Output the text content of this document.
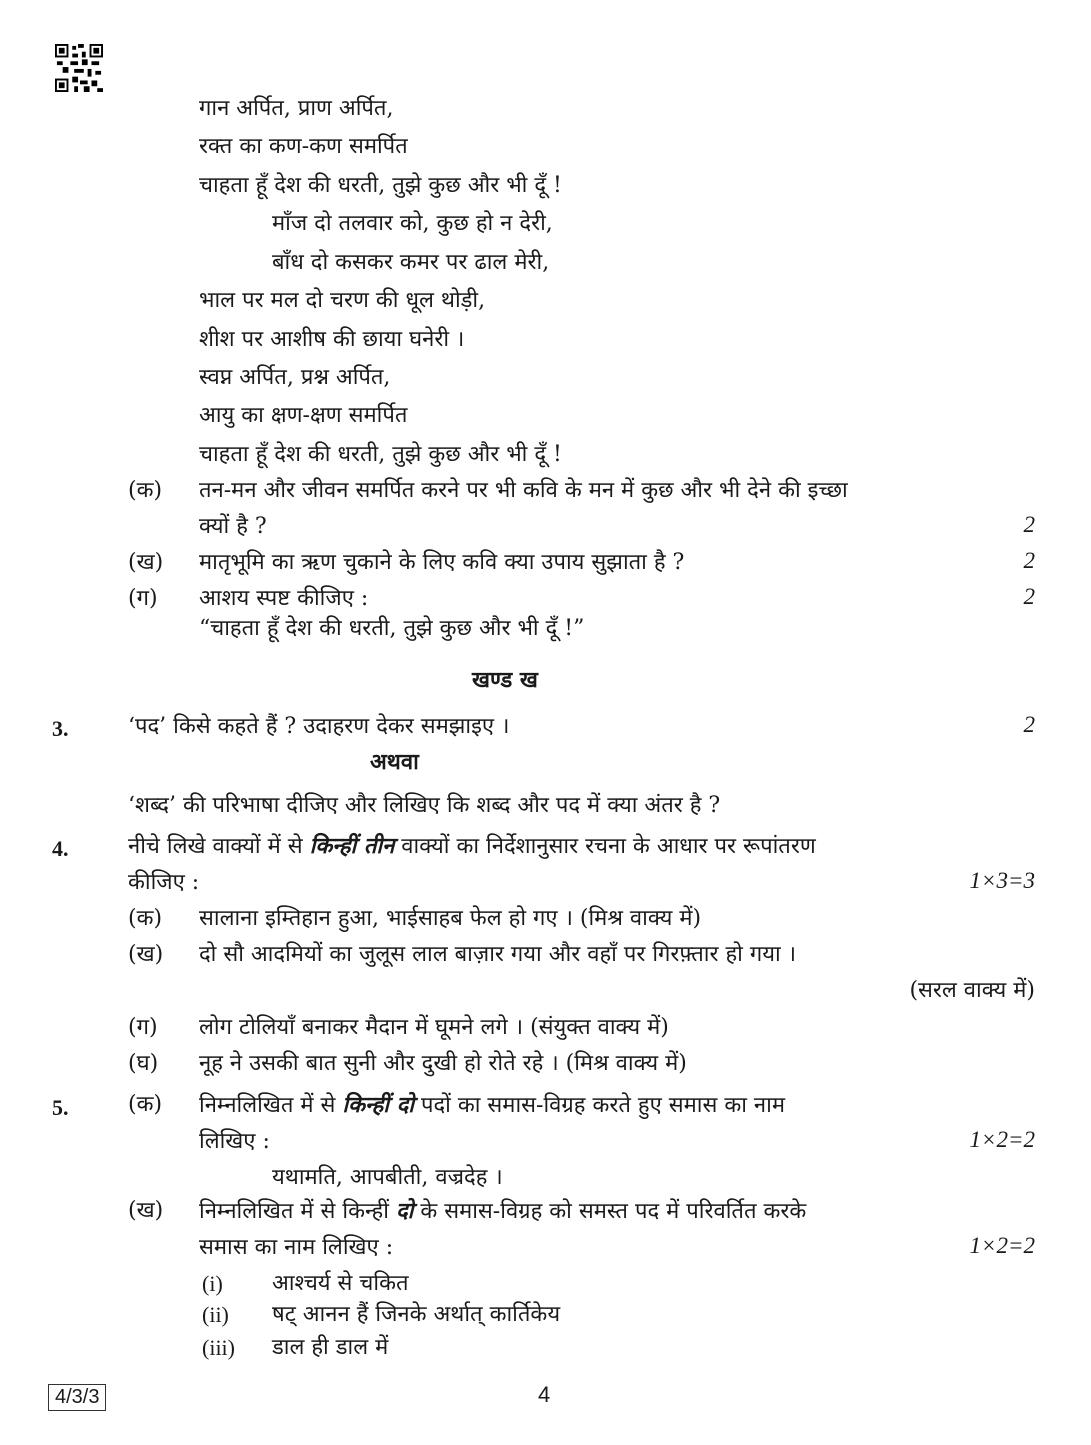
गान अर्पित, प्राण अर्पित,
रक्त का कण-कण समर्पित
चाहता हूँ देश की धरती, तुझे कुछ और भी दूँ !
माँज दो तलवार को, कुछ हो न देरी,
बाँध दो कसकर कमर पर ढाल मेरी,
भाल पर मल दो चरण की धूल थोड़ी,
शीश पर आशीष की छाया घनेरी ।
स्वप्न अर्पित, प्रश्न अर्पित,
आयु का क्षण-क्षण समर्पित
चाहता हूँ देश की धरती, तुझे कुछ और भी दूँ !
(क) तन-मन और जीवन समर्पित करने पर भी कवि के मन में कुछ और भी देने की इच्छा
क्यों है ?	2
(ख) मातृभूमि का ऋण चुकाने के लिए कवि क्या उपाय सुझाता है ?	2
(ग) आशय स्पष्ट कीजिए :	2
“चाहता हूँ देश की धरती, तुझे कुछ और भी दूँ !”
खण्ड ख
3.	‘पद’ किसे कहते हैं ? उदाहरण देकर समझाइए ।	2
अथवा
‘शब्द’ की परिभाषा दीजिए और लिखिए कि शब्द और पद में क्या अंतर है ?
4.	नीचे लिखे वाक्यों में से किन्हीं तीन वाक्यों का निर्देशानुसार रचना के आधार पर रूपांतरण
कीजिए :	1×3=3
(क) सालाना इम्तिहान हुआ, भाईसाहब फेल हो गए । (मिश्र वाक्य में)
(ख) दो सौ आदमियों का जुलूस लाल बाज़ार गया और वहाँ पर गिरफ़्तार हो गया ।
(सरल वाक्य में)
(ग) लोग टोलियाँ बनाकर मैदान में घूमने लगे । (संयुक्त वाक्य में)
(घ) नूह ने उसकी बात सुनी और दुखी हो रोते रहे । (मिश्र वाक्य में)
5.	(क) निम्नलिखित में से किन्हीं दो पदों का समास-विग्रह करते हुए समास का नाम
लिखिए :	1×2=2
यथामति, आपबीती, वज्रदेह ।
(ख) निम्नलिखित में से किन्हीं दो के समास-विग्रह को समस्त पद में परिवर्तित करके
समास का नाम लिखिए :	1×2=2
(i) आश्चर्य से चकित
(ii) षट् आनन हैं जिनके अर्थात् कार्तिकेय
(iii) डाल ही डाल में
4/3/3	4
